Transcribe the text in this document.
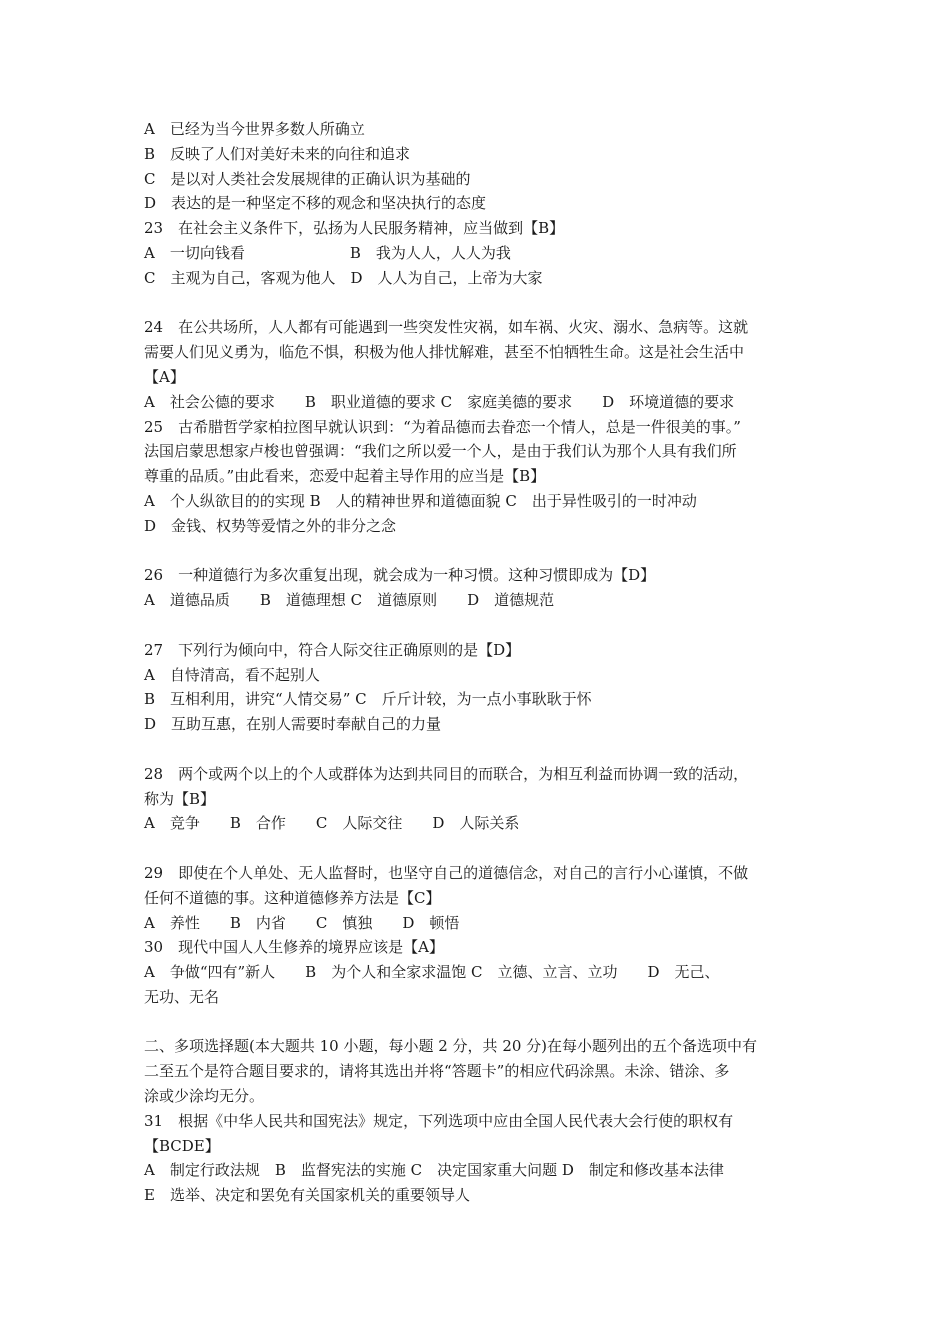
A　已经为当今世界多数人所确立
B　反映了人们对美好未来的向往和追求
C　是以对人类社会发展规律的正确认识为基础的
D　表达的是一种坚定不移的观念和坚决执行的态度
23　在社会主义条件下，弘扬为人民服务精神，应当做到【B】
A　一切向钱看　　　　　　　B　我为人人，人人为我
C　主观为自己，客观为他人　D　人人为自己，上帝为大家
24　在公共场所，人人都有可能遇到一些突发性灾祸，如车祸、火灾、溺水、急病等。这就
需要人们见义勇为，临危不惧，积极为他人排忧解难，甚至不怕牺牲生命。这是社会生活中
【A】
A　社会公德的要求　　B　职业道德的要求 C　家庭美德的要求　　D　环境道德的要求
25　古希腊哲学家柏拉图早就认识到：“为着品德而去眷恋一个情人，总是一件很美的事。”
法国启蒙思想家卢梭也曾强调：“我们之所以爱一个人，是由于我们认为那个人具有我们所
尊重的品质。”由此看来，恋爱中起着主导作用的应当是【B】
A　个人纵欲目的的实现 B　人的精神世界和道德面貌 C　出于异性吸引的一时冲动
D　金钱、权势等爱情之外的非分之念
26　一种道德行为多次重复出现，就会成为一种习惯。这种习惯即成为【D】
A　道德品质　　B　道德理想 C　道德原则　　D　道德规范
27　下列行为倾向中，符合人际交往正确原则的是【D】
A　自恃清高，看不起别人
B　互相利用，讲究“人情交易” C　斤斤计较，为一点小事耿耿于怀
D　互助互惠，在别人需要时奉献自己的力量
28　两个或两个以上的个人或群体为达到共同目的而联合，为相互利益而协调一致的活动，
称为【B】
A　竞争　　B　合作　　C　人际交往　　D　人际关系
29　即使在个人单处、无人监督时，也坚守自己的道德信念，对自己的言行小心谨慎，不做
任何不道德的事。这种道德修养方法是【C】
A　养性　　B　内省　　C　慎独　　D　顿悟
30　现代中国人人生修养的境界应该是【A】
A　争做“四有”新人　　B　为个人和全家求温饱 C　立德、立言、立功　　D　无己、
无功、无名
二、多项选择题(本大题共 10 小题，每小题 2 分，共 20 分)在每小题列出的五个备选项中有
二至五个是符合题目要求的，请将其选出并将“答题卡”的相应代码涂黑。未涂、错涂、多
涂或少涂均无分。
31　根据《中华人民共和国宪法》规定，下列选项中应由全国人民代表大会行使的职权有
【BCDE】
A　制定行政法规　B　监督宪法的实施 C　决定国家重大问题 D　制定和修改基本法律
E　选举、决定和罢免有关国家机关的重要领导人
